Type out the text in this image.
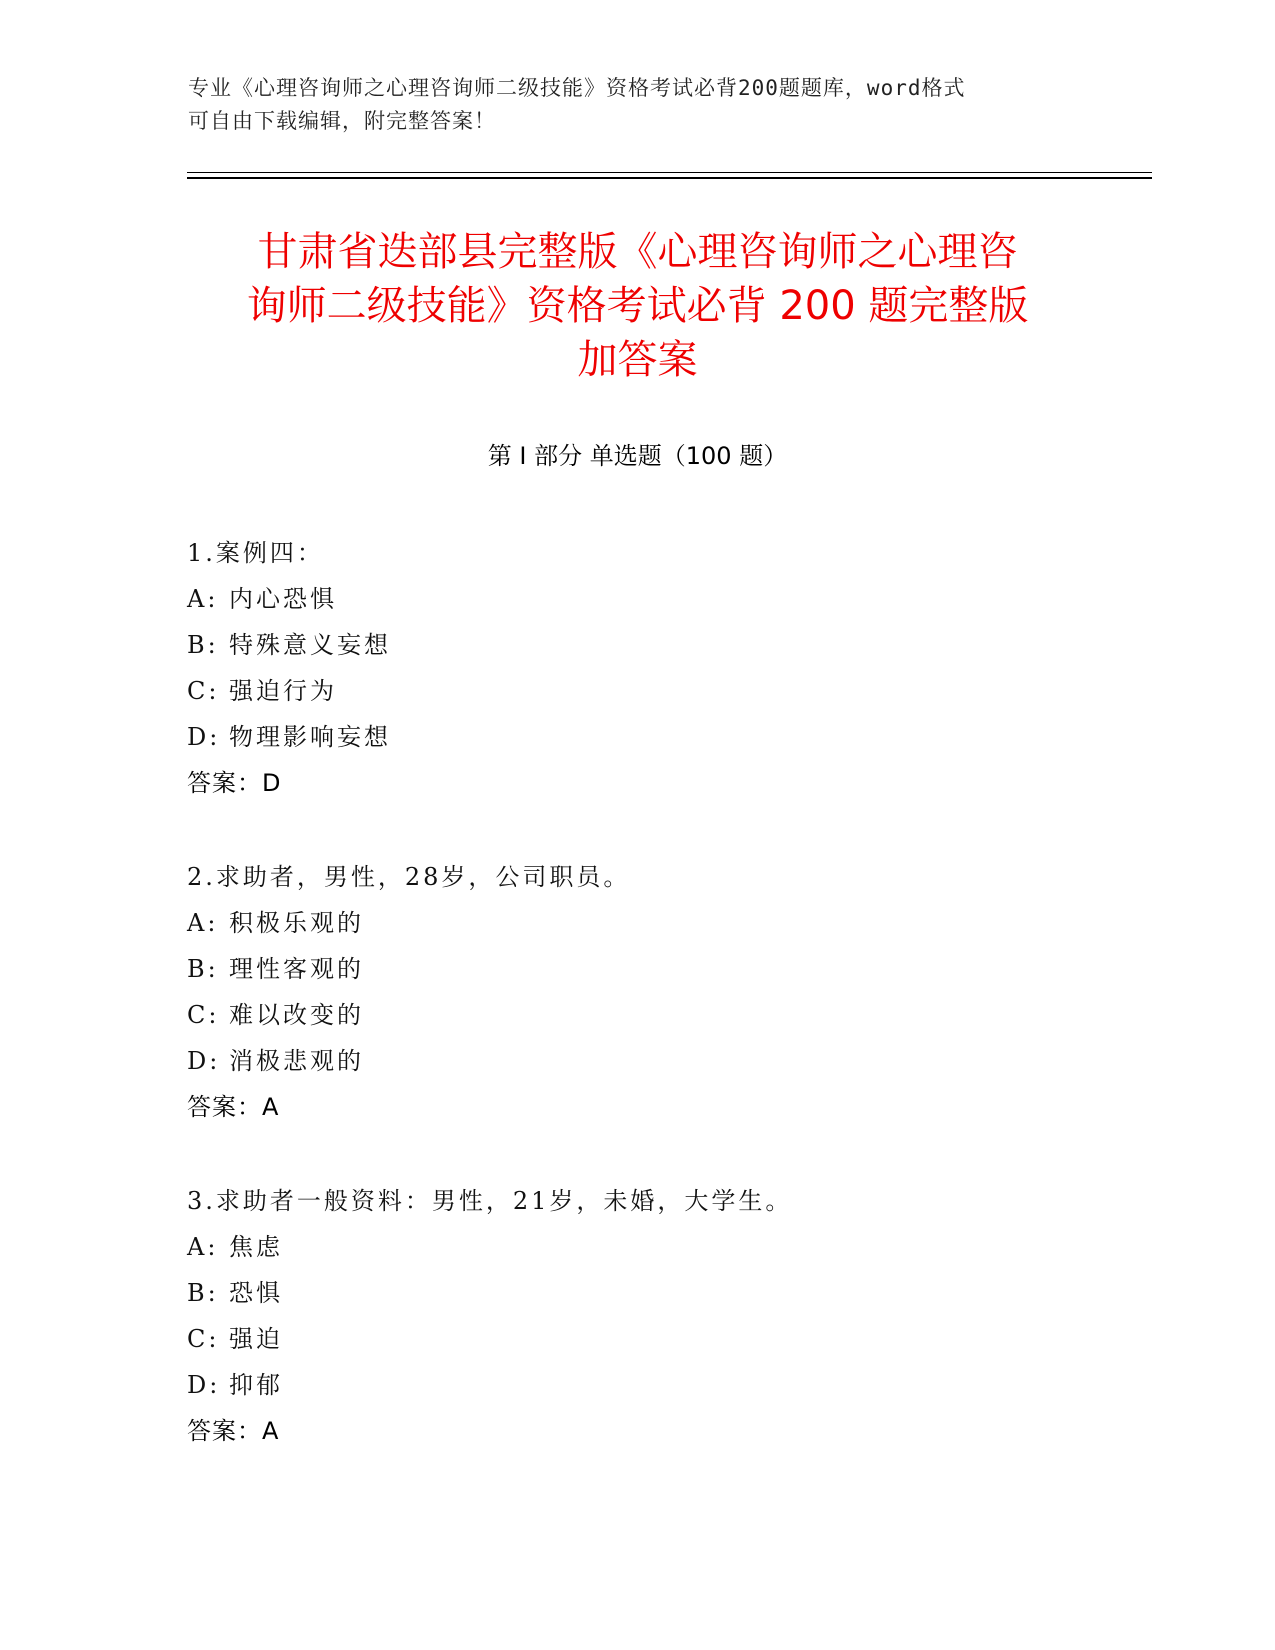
专业《心理咨询师之心理咨询师二级技能》资格考试必背200题题库，word格式
可自由下载编辑，附完整答案！
甘肃省迭部县完整版《心理咨询师之心理咨
询师二级技能》资格考试必背 200 题完整版
加答案
第 I 部分 单选题（100 题）
1.案例四：
A: 内心恐惧
B: 特殊意义妄想
C: 强迫行为
D: 物理影响妄想
答案：D
2.求助者，男性，28岁，公司职员。
A: 积极乐观的
B: 理性客观的
C: 难以改变的
D: 消极悲观的
答案：A
3.求助者一般资料：男性，21岁，未婚，大学生。
A: 焦虑
B: 恐惧
C: 强迫
D: 抑郁
答案：A
